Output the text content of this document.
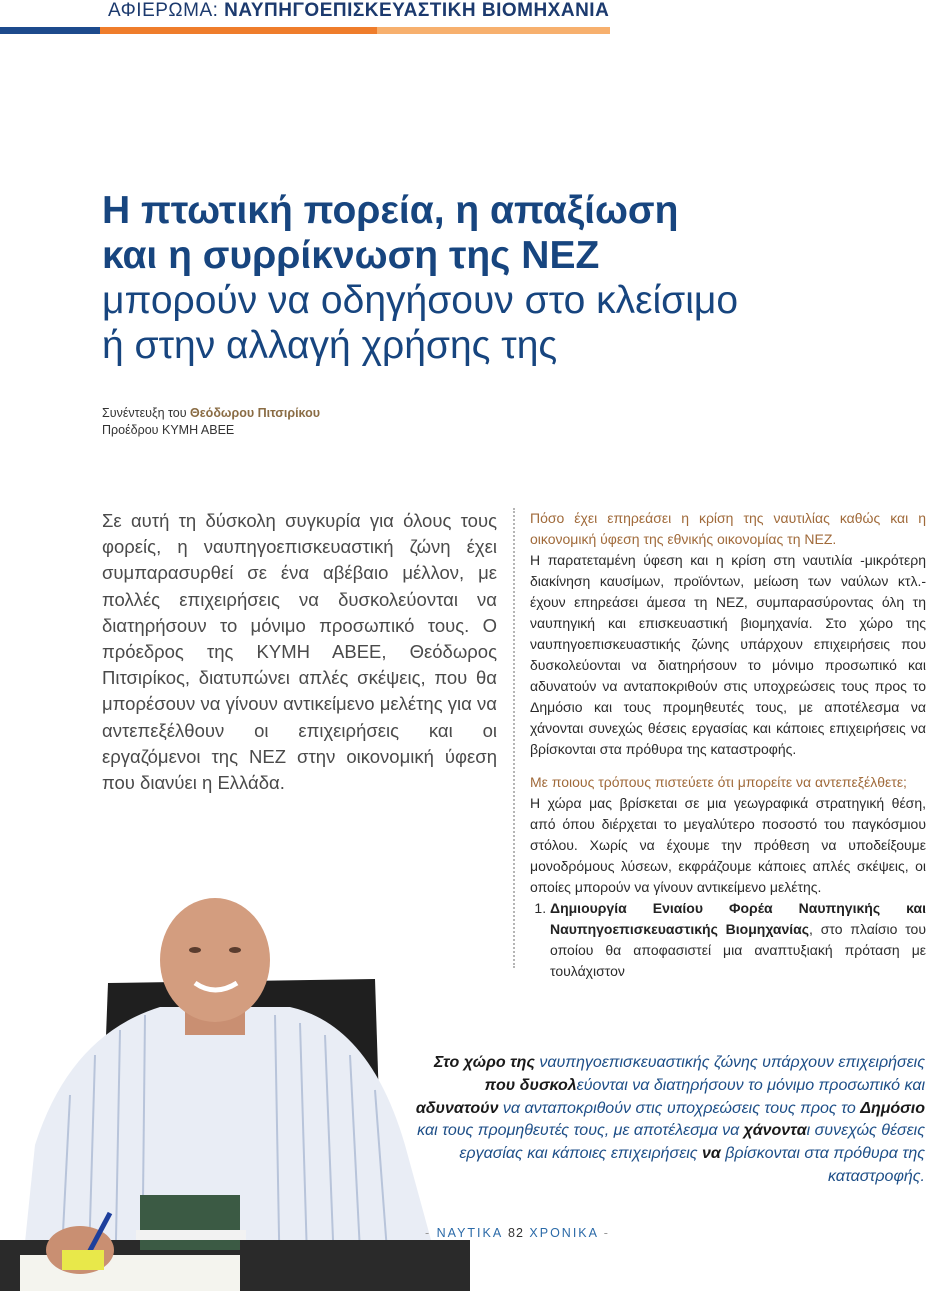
ΑΦΙΕΡΩΜΑ: ΝΑΥΠΗΓΟΕΠΙΣΚΕΥΑΣΤΙΚΗ ΒΙΟΜΗΧΑΝΙΑ
Η πτωτική πορεία, η απαξίωση
και η συρρίκνωση της ΝΕΖ
μπορούν να οδηγήσουν στο κλείσιμο
ή στην αλλαγή χρήσης της
Συνέντευξη του Θεόδωρου Πιτσιρίκου
Προέδρου ΚΥΜΗ ΑΒΕΕ
Σε αυτή τη δύσκολη συγκυρία για όλους τους φορείς, η ναυπηγοεπισκευαστική ζώνη έχει συμπαρασυρθεί σε ένα αβέβαιο μέλλον, με πολλές επιχειρήσεις να δυσκολεύονται να διατηρήσουν το μόνιμο προσωπικό τους. Ο πρόεδρος της ΚΥΜΗ ΑΒΕΕ, Θεόδωρος Πιτσιρίκος, διατυπώνει απλές σκέψεις, που θα μπορέσουν να γίνουν αντικείμενο μελέτης για να αντεπεξέλθουν οι επιχειρήσεις και οι εργαζόμενοι της ΝΕΖ στην οικονομική ύφεση που διανύει η Ελλάδα.

Πόσο έχει επηρεάσει η κρίση της ναυτιλίας καθώς και η οικονομική ύφεση της εθνικής οικονομίας τη ΝΕΖ.

Η παρατεταμένη ύφεση και η κρίση στη ναυτιλία -μικρότερη διακίνηση καυσίμων, προϊόντων, μείωση των ναύλων κτλ.- έχουν επηρεάσει άμεσα τη ΝΕΖ, συμπαρασύροντας όλη τη ναυπηγική και επισκευαστική βιομηχανία. Στο χώρο της ναυπηγοεπισκευαστικής ζώνης υπάρχουν επιχειρήσεις που δυσκολεύονται να διατηρήσουν το μόνιμο προσωπικό και αδυνατούν να ανταποκριθούν στις υποχρεώσεις τους προς το Δημόσιο και τους προμηθευτές τους, με αποτέλεσμα να χάνονται συνεχώς θέσεις εργασίας και κάποιες επιχειρήσεις να βρίσκονται στα πρόθυρα της καταστροφής.

Με ποιους τρόπους πιστεύετε ότι μπορείτε να αντεπεξέλθετε;

Η χώρα μας βρίσκεται σε μια γεωγραφικά στρατηγική θέση, από όπου διέρχεται το μεγαλύτερο ποσοστό του παγκόσμιου στόλου. Χωρίς να έχουμε την πρόθεση να υποδείξουμε μονοδρόμους λύσεων, εκφράζουμε κάποιες απλές σκέψεις, οι οποίες μπορούν να γίνουν αντικείμενο μελέτης.

1. Δημιουργία Ενιαίου Φορέα Ναυπηγικής και Ναυπηγοεπισκευαστικής Βιομηχανίας, στο πλαίσιο του οποίου θα αποφασιστεί μια αναπτυξιακή πρόταση με τουλάχιστον
Στο χώρο της ναυπηγοεπισκευαστικής ζώνης υπάρχουν επιχειρήσεις που δυσκολεύονται να διατηρήσουν το μόνιμο προσωπικό και αδυνατούν να ανταποκριθούν στις υποχρεώσεις τους προς το Δημόσιο και τους προμηθευτές τους, με αποτέλεσμα να χάνονται συνεχώς θέσεις εργασίας και κάποιες επιχειρήσεις να βρίσκονται στα πρόθυρα της καταστροφής.
- ΝΑΥΤΙΚΑ 82 ΧΡΟΝΙΚΑ -
